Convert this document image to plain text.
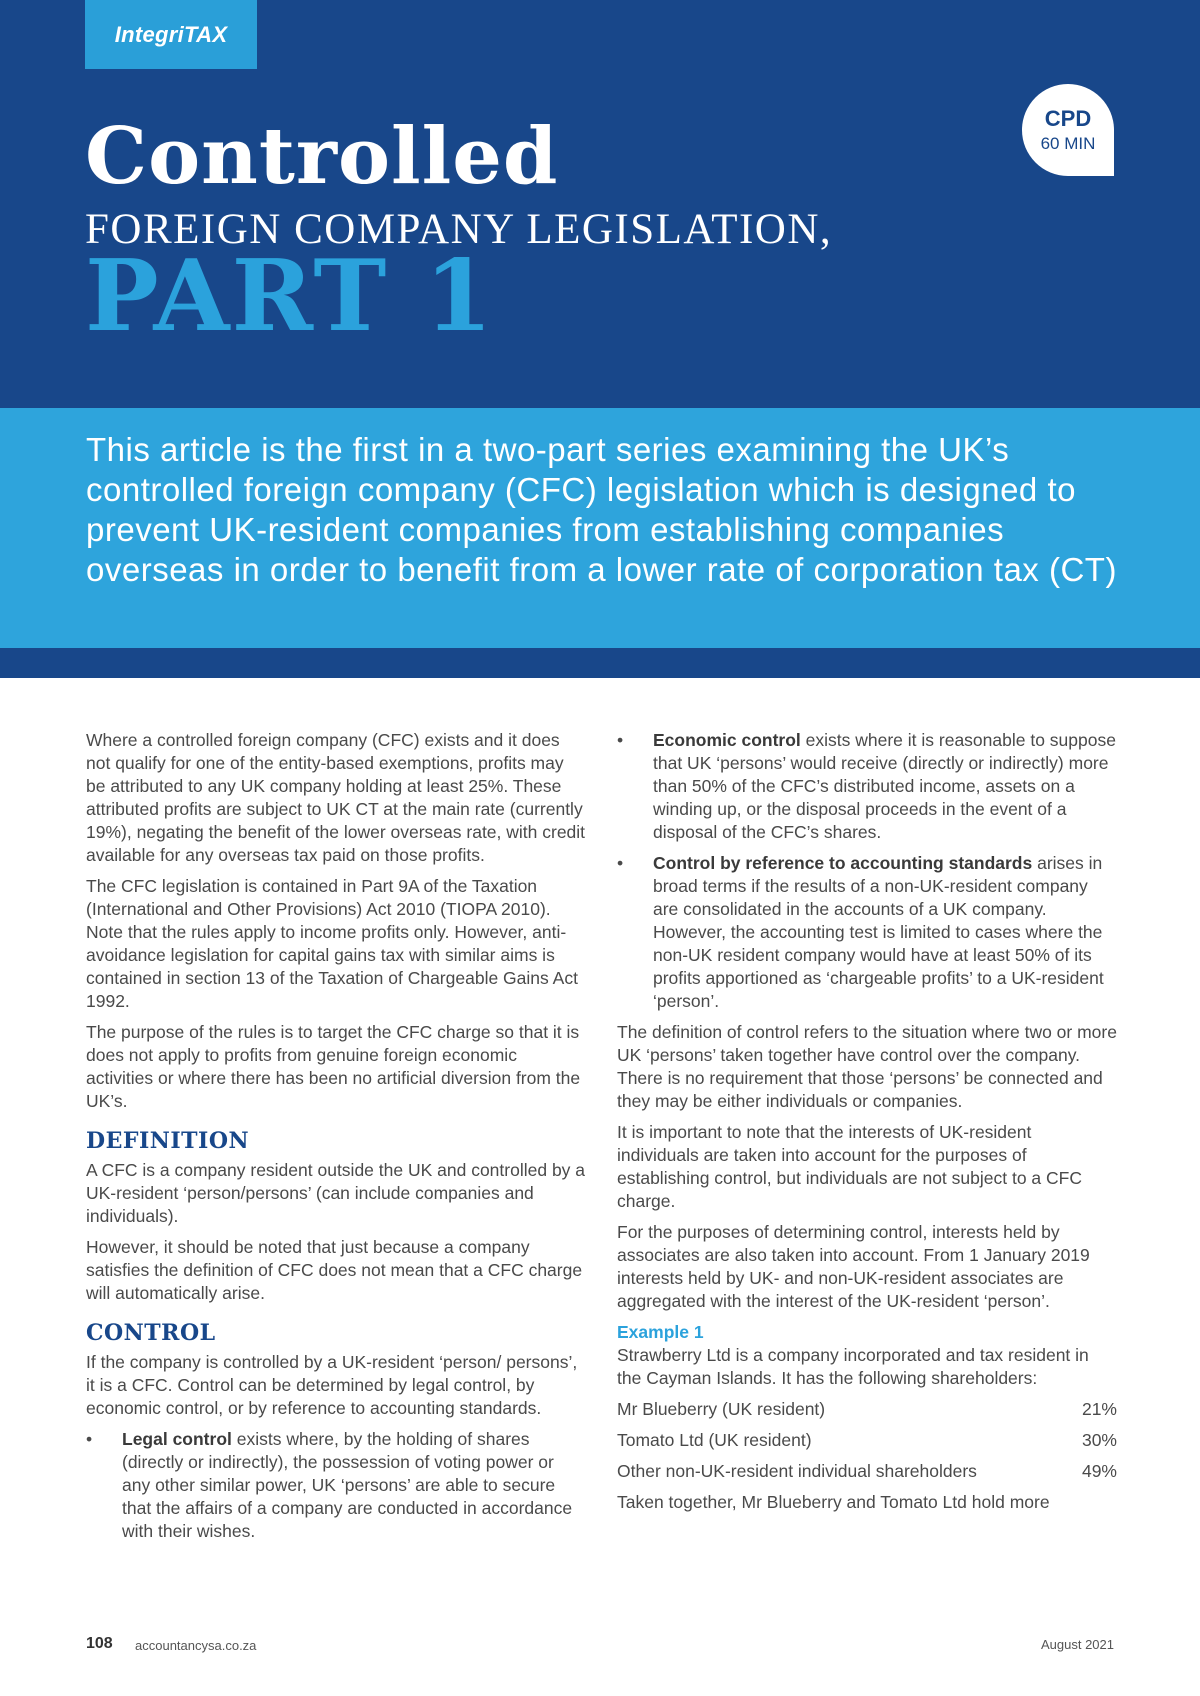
IntegriTAX
CPD
60 MIN
Controlled
FOREIGN COMPANY LEGISLATION,
PART 1

This article is the first in a two-part series examining the UK’s controlled foreign company (CFC) legislation which is designed to prevent UK-resident companies from establishing companies overseas in order to benefit from a lower rate of corporation tax (CT)

Where a controlled foreign company (CFC) exists and it does not qualify for one of the entity-based exemptions, profits may be attributed to any UK company holding at least 25%. These attributed profits are subject to UK CT at the main rate (currently 19%), negating the benefit of the lower overseas rate, with credit available for any overseas tax paid on those profits.

The CFC legislation is contained in Part 9A of the Taxation (International and Other Provisions) Act 2010 (TIOPA 2010). Note that the rules apply to income profits only. However, anti-avoidance legislation for capital gains tax with similar aims is contained in section 13 of the Taxation of Chargeable Gains Act 1992.

The purpose of the rules is to target the CFC charge so that it is does not apply to profits from genuine foreign economic activities or where there has been no artificial diversion from the UK’s.

DEFINITION

A CFC is a company resident outside the UK and controlled by a UK-resident ‘person/persons’ (can include companies and individuals).

However, it should be noted that just because a company satisfies the definition of CFC does not mean that a CFC charge will automatically arise.

CONTROL

If the company is controlled by a UK-resident ‘person/ persons’, it is a CFC. Control can be determined by legal control, by economic control, or by reference to accounting standards.

• Legal control exists where, by the holding of shares (directly or indirectly), the possession of voting power or any other similar power, UK ‘persons’ are able to secure that the affairs of a company are conducted in accordance with their wishes.
• Economic control exists where it is reasonable to suppose that UK ‘persons’ would receive (directly or indirectly) more than 50% of the CFC’s distributed income, assets on a winding up, or the disposal proceeds in the event of a disposal of the CFC’s shares.
• Control by reference to accounting standards arises in broad terms if the results of a non-UK-resident company are consolidated in the accounts of a UK company. However, the accounting test is limited to cases where the non-UK resident company would have at least 50% of its profits apportioned as ‘chargeable profits’ to a UK-resident ‘person’.

The definition of control refers to the situation where two or more UK ‘persons’ taken together have control over the company. There is no requirement that those ‘persons’ be connected and they may be either individuals or companies.

It is important to note that the interests of UK-resident individuals are taken into account for the purposes of establishing control, but individuals are not subject to a CFC charge.

For the purposes of determining control, interests held by associates are also taken into account. From 1 January 2019 interests held by UK- and non-UK-resident associates are aggregated with the interest of the UK-resident ‘person’.

Example 1

Strawberry Ltd is a company incorporated and tax resident in the Cayman Islands. It has the following shareholders:

Mr Blueberry (UK resident)	21%
Tomato Ltd (UK resident)	30%
Other non-UK-resident individual shareholders	49%

Taken together, Mr Blueberry and Tomato Ltd hold more

108 accountancysa.co.za	August 2021
